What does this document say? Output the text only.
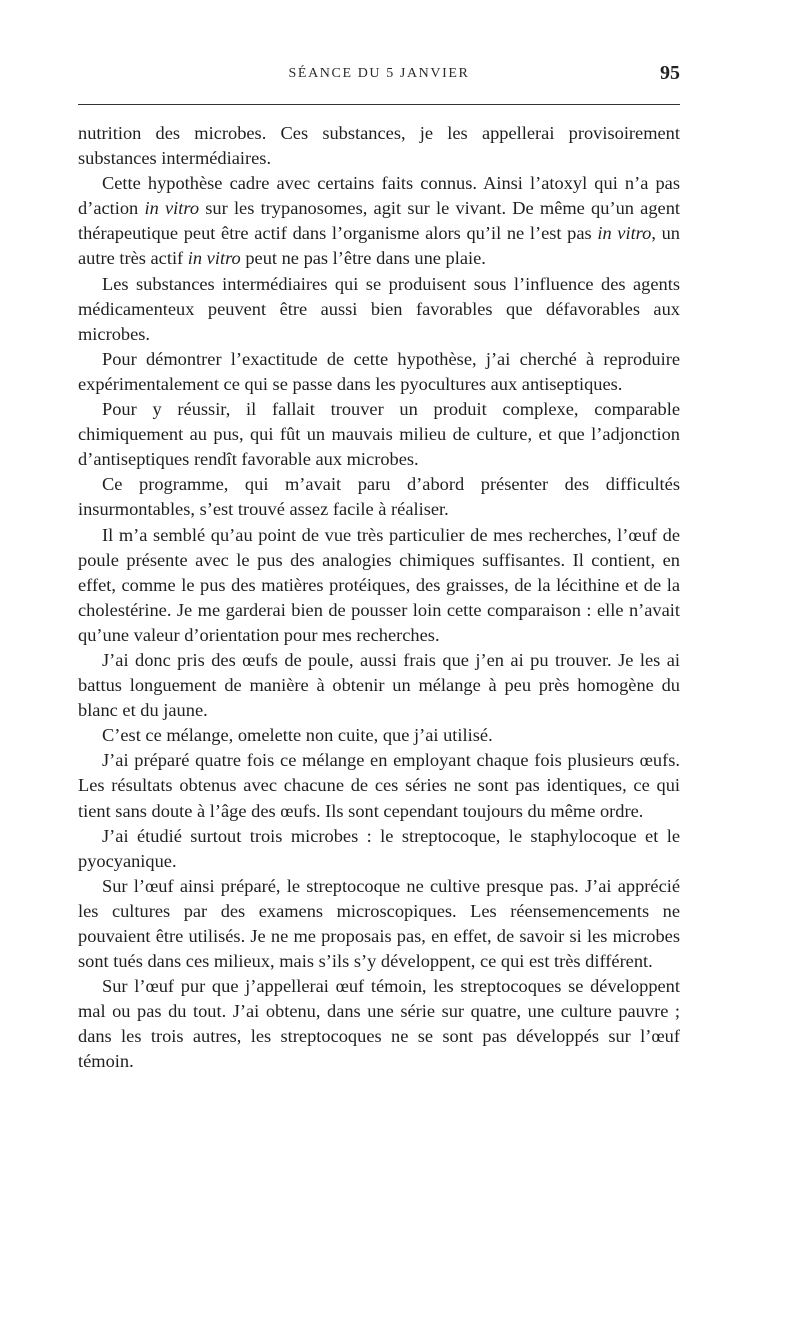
SÉANCE DU 5 JANVIER	95

nutrition des microbes. Ces substances, je les appellerai provisoirement substances intermédiaires.

Cette hypothèse cadre avec certains faits connus. Ainsi l’atoxyl qui n’a pas d’action in vitro sur les trypanosomes, agit sur le vivant. De même qu’un agent thérapeutique peut être actif dans l’organisme alors qu’il ne l’est pas in vitro, un autre très actif in vitro peut ne pas l’être dans une plaie.

Les substances intermédiaires qui se produisent sous l’influence des agents médicamenteux peuvent être aussi bien favorables que défavorables aux microbes.

Pour démontrer l’exactitude de cette hypothèse, j’ai cherché à reproduire expérimentalement ce qui se passe dans les pyocultures aux antiseptiques.

Pour y réussir, il fallait trouver un produit complexe, comparable chimiquement au pus, qui fût un mauvais milieu de culture, et que l’adjonction d’antiseptiques rendît favorable aux microbes.

Ce programme, qui m’avait paru d’abord présenter des difficultés insurmontables, s’est trouvé assez facile à réaliser.

Il m’a semblé qu’au point de vue très particulier de mes recherches, l’œuf de poule présente avec le pus des analogies chimiques suffisantes. Il contient, en effet, comme le pus des matières protéiques, des graisses, de la lécithine et de la cholestérine. Je me garderai bien de pousser loin cette comparaison : elle n’avait qu’une valeur d’orientation pour mes recherches.

J’ai donc pris des œufs de poule, aussi frais que j’en ai pu trouver. Je les ai battus longuement de manière à obtenir un mélange à peu près homogène du blanc et du jaune.

C’est ce mélange, omelette non cuite, que j’ai utilisé.

J’ai préparé quatre fois ce mélange en employant chaque fois plusieurs œufs. Les résultats obtenus avec chacune de ces séries ne sont pas identiques, ce qui tient sans doute à l’âge des œufs. Ils sont cependant toujours du même ordre.

J’ai étudié surtout trois microbes : le streptocoque, le staphylocoque et le pyocyanique.

Sur l’œuf ainsi préparé, le streptocoque ne cultive presque pas. J’ai apprécié les cultures par des examens microscopiques. Les réensemencements ne pouvaient être utilisés. Je ne me proposais pas, en effet, de savoir si les microbes sont tués dans ces milieux, mais s’ils s’y développent, ce qui est très différent.

Sur l’œuf pur que j’appellerai œuf témoin, les streptocoques se développent mal ou pas du tout. J’ai obtenu, dans une série sur quatre, une culture pauvre ; dans les trois autres, les streptocoques ne se sont pas développés sur l’œuf témoin.
